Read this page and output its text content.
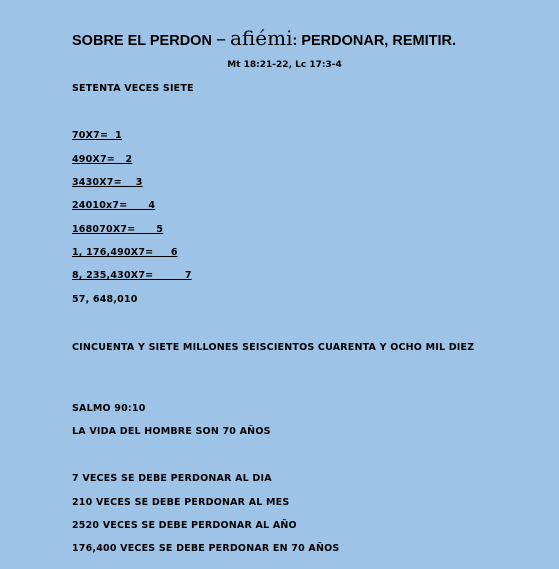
SOBRE EL PERDON – afiémi: PERDONAR, REMITIR.
Mt 18:21-22, Lc 17:3-4
SETENTA VECES SIETE
70X7=  1
490X7=   2
3430X7=    3
24010x7=      4
168070X7=      5
1, 176,490X7=     6
8, 235,430X7=         7
57, 648,010
CINCUENTA Y SIETE MILLONES SEISCIENTOS CUARENTA Y OCHO MIL DIEZ
SALMO 90:10
LA VIDA DEL HOMBRE SON 70 AÑOS
7 VECES SE DEBE PERDONAR AL DIA
210 VECES SE DEBE PERDONAR AL MES
2520 VECES SE DEBE PERDONAR AL AÑO
176,400 VECES SE DEBE PERDONAR EN 70 AÑOS
